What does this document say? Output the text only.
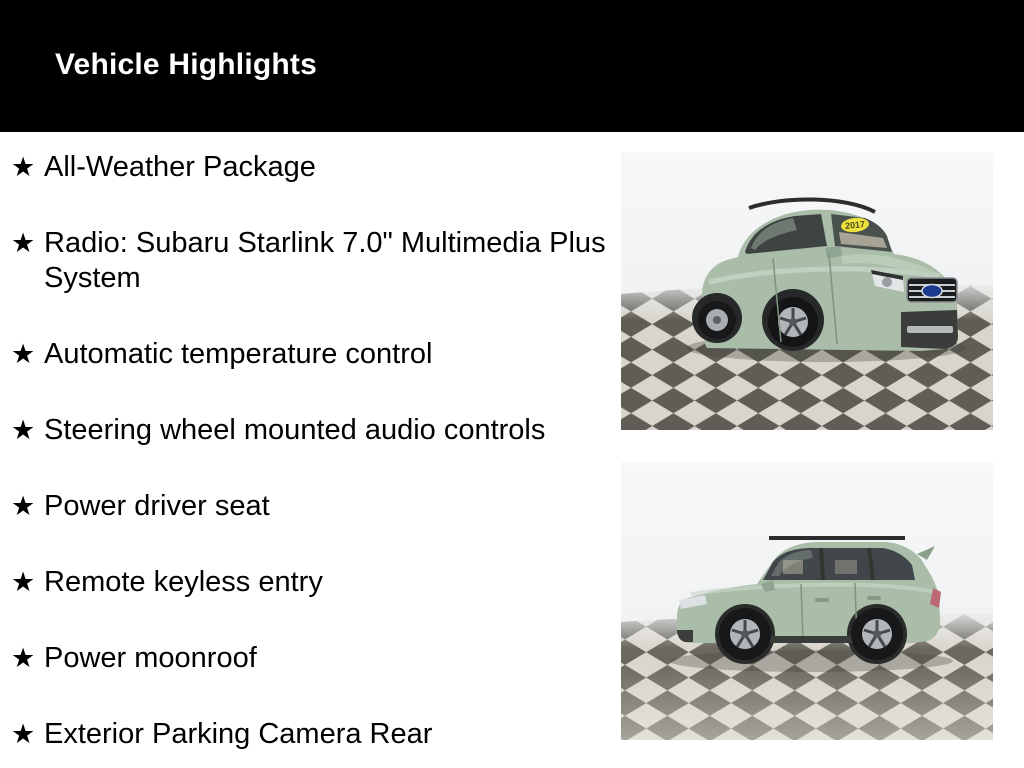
Vehicle Highlights
★ All-Weather Package
★ Radio: Subaru Starlink 7.0" Multimedia Plus System
★ Automatic temperature control
★ Steering wheel mounted audio controls
★ Power driver seat
★ Remote keyless entry
★ Power moonroof
★ Exterior Parking Camera Rear
2017
